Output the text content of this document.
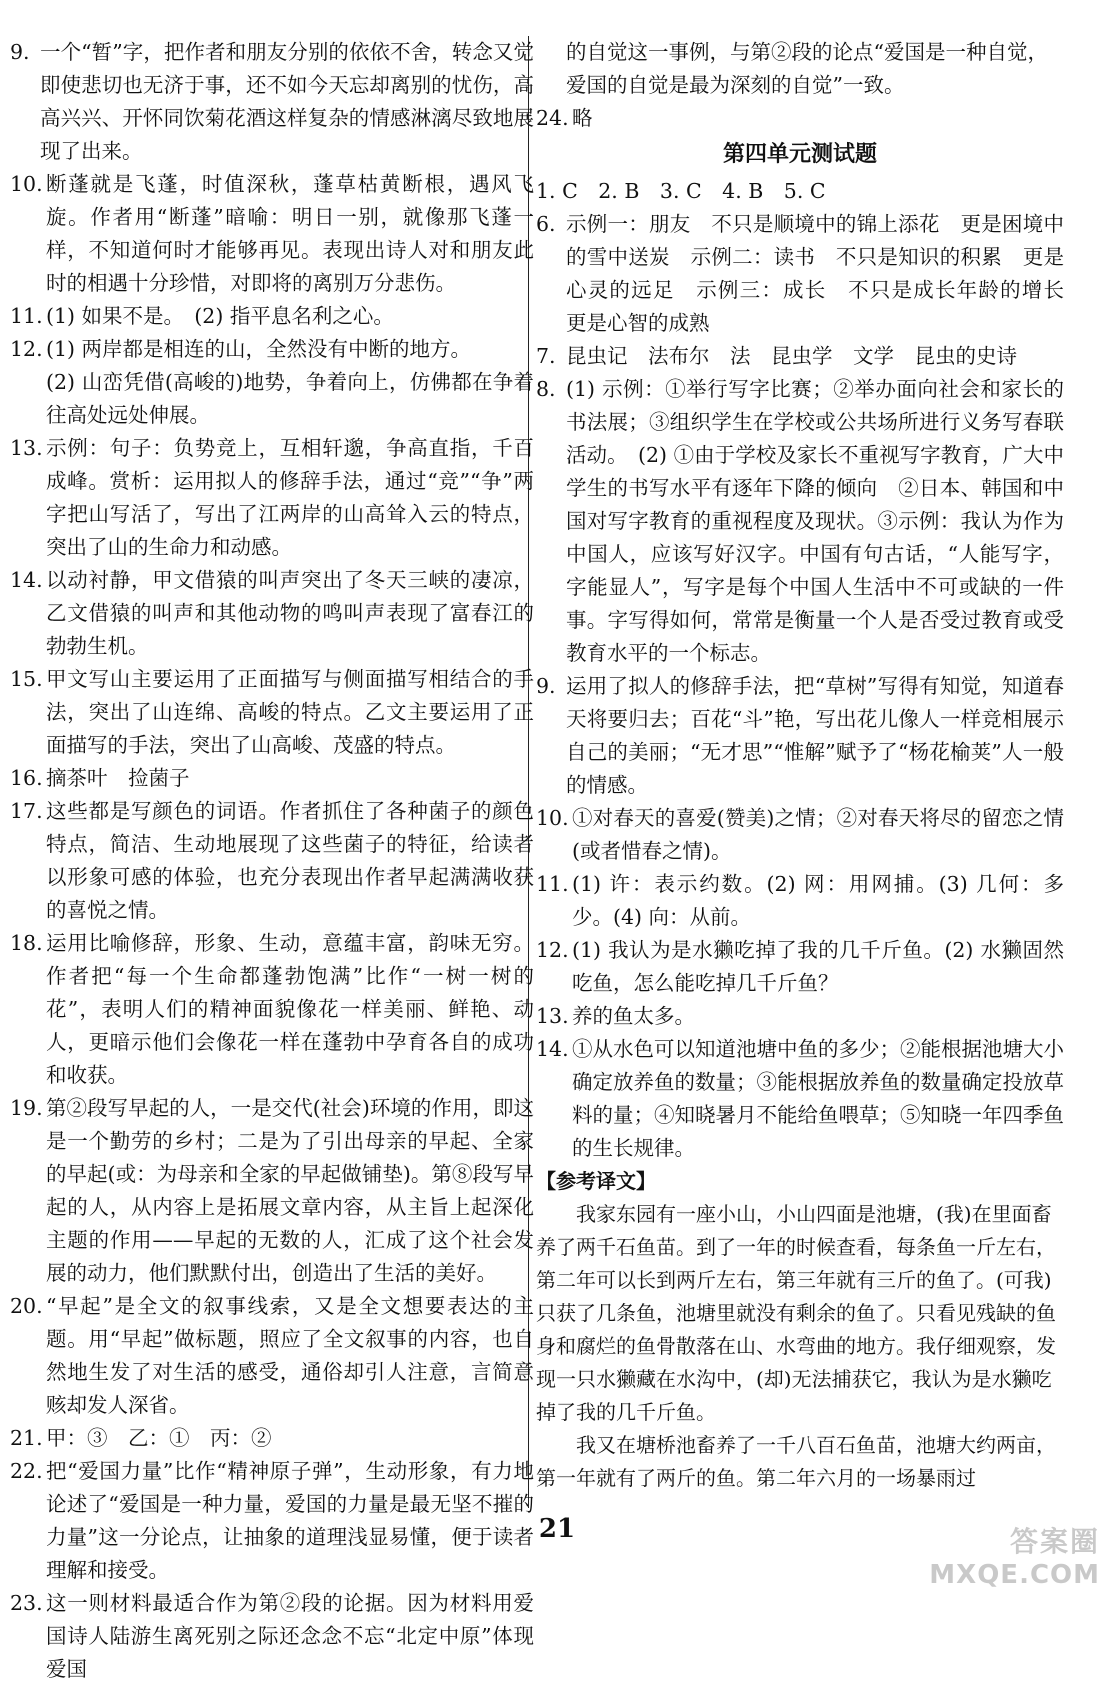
9. 一个“暂”字，把作者和朋友分别的依依不舍，转念又觉即使悲切也无济于事，还不如今天忘却离别的忧伤，高高兴兴、开怀同饮菊花酒这样复杂的情感淋漓尽致地展现了出来。
10. 断蓬就是飞蓬，时值深秋，蓬草枯黄断根，遇风飞旋。作者用“断蓬”暗喻：明日一别，就像那飞蓬一样，不知道何时才能够再见。表现出诗人对和朋友此时的相遇十分珍惜，对即将的离别万分悲伤。
11. (1) 如果不是。　(2) 指平息名利之心。
12. (1) 两岸都是相连的山，全然没有中断的地方。
(2) 山峦凭借(高峻的)地势，争着向上，仿佛都在争着往高处远处伸展。
13. 示例：句子：负势竞上，互相轩邈，争高直指，千百成峰。赏析：运用拟人的修辞手法，通过“竞”“争”两字把山写活了，写出了江两岸的山高耸入云的特点，突出了山的生命力和动感。
14. 以动衬静，甲文借猿的叫声突出了冬天三峡的凄凉，乙文借猿的叫声和其他动物的鸣叫声表现了富春江的勃勃生机。
15. 甲文写山主要运用了正面描写与侧面描写相结合的手法，突出了山连绵、高峻的特点。乙文主要运用了正面描写的手法，突出了山高峻、茂盛的特点。
16. 摘茶叶　捡菌子
17. 这些都是写颜色的词语。作者抓住了各种菌子的颜色特点，简洁、生动地展现了这些菌子的特征，给读者以形象可感的体验，也充分表现出作者早起满满收获的喜悦之情。
18. 运用比喻修辞，形象、生动，意蕴丰富，韵味无穷。作者把“每一个生命都蓬勃饱满”比作“一树一树的花”，表明人们的精神面貌像花一样美丽、鲜艳、动人，更暗示他们会像花一样在蓬勃中孕育各自的成功和收获。
19. 第②段写早起的人，一是交代(社会)环境的作用，即这是一个勤劳的乡村；二是为了引出母亲的早起、全家的早起(或：为母亲和全家的早起做铺垫)。第⑧段写早起的人，从内容上是拓展文章内容，从主旨上起深化主题的作用——早起的无数的人，汇成了这个社会发展的动力，他们默默付出，创造出了生活的美好。
20. “早起”是全文的叙事线索，又是全文想要表达的主题。用“早起”做标题，照应了全文叙事的内容，也自然地生发了对生活的感受，通俗却引人注意，言简意赅却发人深省。
21. 甲：③　乙：①　丙：②
22. 把“爱国力量”比作“精神原子弹”，生动形象，有力地论述了“爱国是一种力量，爱国的力量是最无坚不摧的力量”这一分论点，让抽象的道理浅显易懂，便于读者理解和接受。
23. 这一则材料最适合作为第②段的论据。因为材料用爱国诗人陆游生离死别之际还念念不忘“北定中原”体现爱国
的自觉这一事例，与第②段的论点“爱国是一种自觉，爱国的自觉是最为深刻的自觉”一致。
24. 略
第四单元测试题
1. C　2. B　3. C　4. B　5. C
6. 示例一：朋友　不只是顺境中的锦上添花　更是困境中的雪中送炭　示例二：读书　不只是知识的积累　更是心灵的远足　示例三：成长　不只是成长年龄的增长　更是心智的成熟
7. 昆虫记　法布尔　法　昆虫学　文学　昆虫的史诗
8. (1) 示例：①举行写字比赛；②举办面向社会和家长的书法展；③组织学生在学校或公共场所进行义务写春联活动。　(2) ①由于学校及家长不重视写字教育，广大中学生的书写水平有逐年下降的倾向　②日本、韩国和中国对写字教育的重视程度及现状。③示例：我认为作为中国人，应该写好汉字。中国有句古话，“人能写字，字能显人”，写字是每个中国人生活中不可或缺的一件事。字写得如何，常常是衡量一个人是否受过教育或受教育水平的一个标志。
9. 运用了拟人的修辞手法，把“草树”写得有知觉，知道春天将要归去；百花“斗”艳，写出花儿像人一样竞相展示自己的美丽；“无才思”“惟解”赋予了“杨花榆荚”人一般的情感。
10. ①对春天的喜爱(赞美)之情；②对春天将尽的留恋之情(或者惜春之情)。
11. (1) 许：表示约数。(2) 网：用网捕。(3) 几何：多少。(4) 向：从前。
12. (1) 我认为是水獭吃掉了我的几千斤鱼。(2) 水獭固然吃鱼，怎么能吃掉几千斤鱼？
13. 养的鱼太多。
14. ①从水色可以知道池塘中鱼的多少；②能根据池塘大小确定放养鱼的数量；③能根据放养鱼的数量确定投放草料的量；④知晓暑月不能给鱼喂草；⑤知晓一年四季鱼的生长规律。
【参考译文】

我家东园有一座小山，小山四面是池塘，(我)在里面畜养了两千石鱼苗。到了一年的时候查看，每条鱼一斤左右，第二年可以长到两斤左右，第三年就有三斤的鱼了。(可我)只获了几条鱼，池塘里就没有剩余的鱼了。只看见残缺的鱼身和腐烂的鱼骨散落在山、水弯曲的地方。我仔细观察，发现一只水獭藏在水沟中，(却)无法捕获它，我认为是水獭吃掉了我的几千斤鱼。

我又在塘桥池畜养了一千八百石鱼苗，池塘大约两亩，第一年就有了两斤的鱼。第二年六月的一场暴雨过

21	答案圈
MXQE.COM
